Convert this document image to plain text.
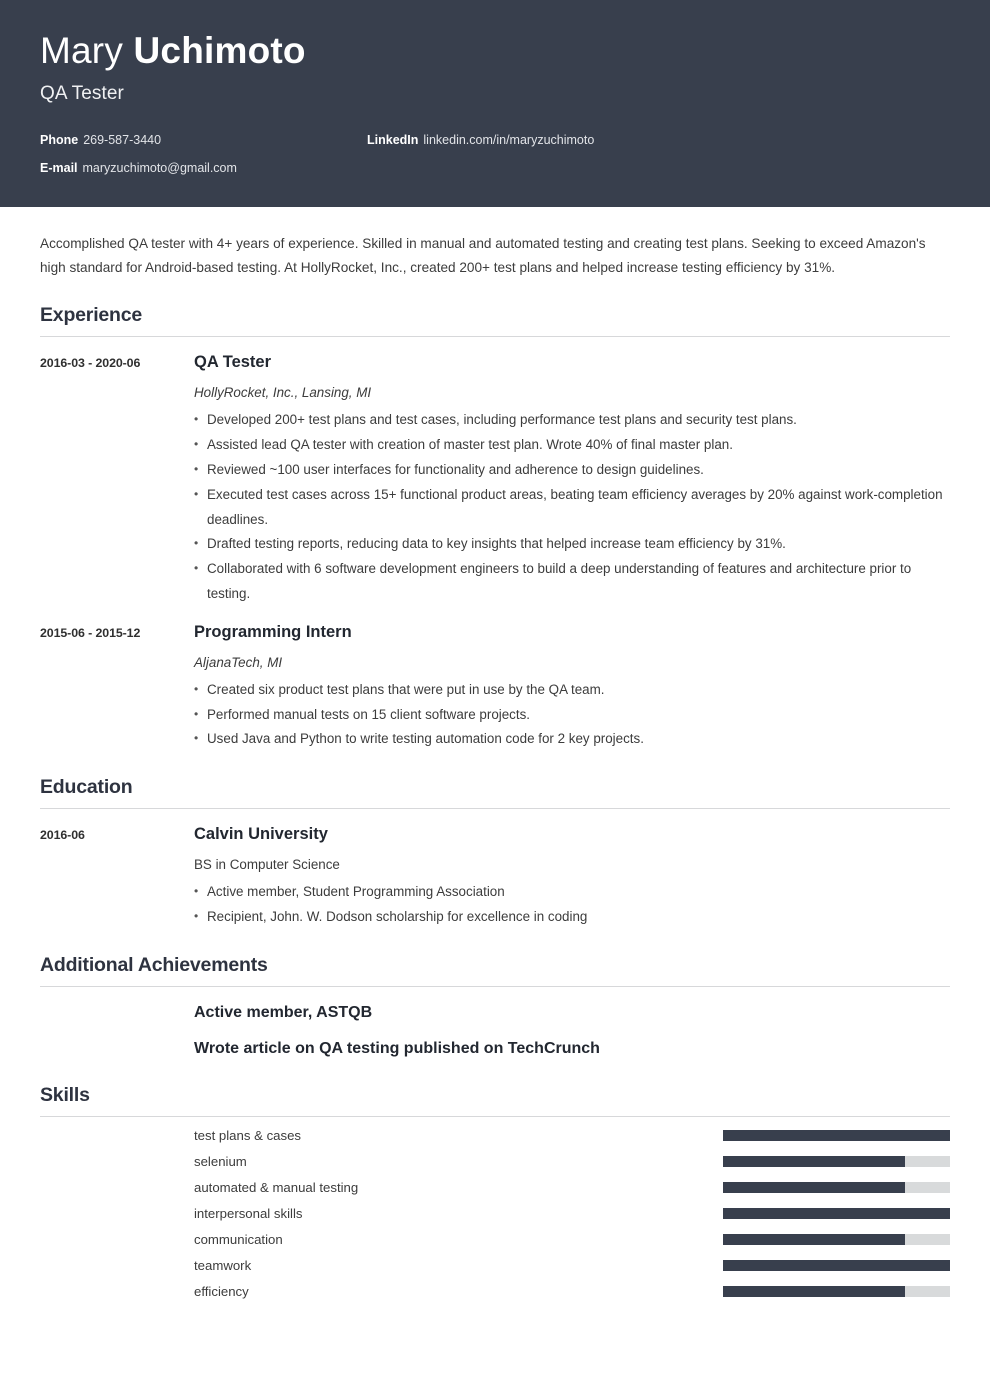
Mary Uchimoto
QA Tester
Phone 269-587-3440	LinkedIn linkedin.com/in/maryzuchimoto
E-mail maryzuchimoto@gmail.com

Accomplished QA tester with 4+ years of experience. Skilled in manual and automated testing and creating test plans. Seeking to exceed Amazon's high standard for Android-based testing. At HollyRocket, Inc., created 200+ test plans and helped increase testing efficiency by 31%.

Experience
2016-03 - 2020-06	QA Tester
HollyRocket, Inc., Lansing, MI
• Developed 200+ test plans and test cases, including performance test plans and security test plans.
• Assisted lead QA tester with creation of master test plan. Wrote 40% of final master plan.
• Reviewed ~100 user interfaces for functionality and adherence to design guidelines.
• Executed test cases across 15+ functional product areas, beating team efficiency averages by 20% against work-completion deadlines.
• Drafted testing reports, reducing data to key insights that helped increase team efficiency by 31%.
• Collaborated with 6 software development engineers to build a deep understanding of features and architecture prior to testing.
2015-06 - 2015-12	Programming Intern
AljanaTech, MI
• Created six product test plans that were put in use by the QA team.
• Performed manual tests on 15 client software projects.
• Used Java and Python to write testing automation code for 2 key projects.
Education
2016-06	Calvin University
BS in Computer Science
• Active member, Student Programming Association
• Recipient, John. W. Dodson scholarship for excellence in coding
Additional Achievements
Active member, ASTQB
Wrote article on QA testing published on TechCrunch
Skills
test plans & cases
selenium
automated & manual testing
interpersonal skills
communication
teamwork
efficiency
